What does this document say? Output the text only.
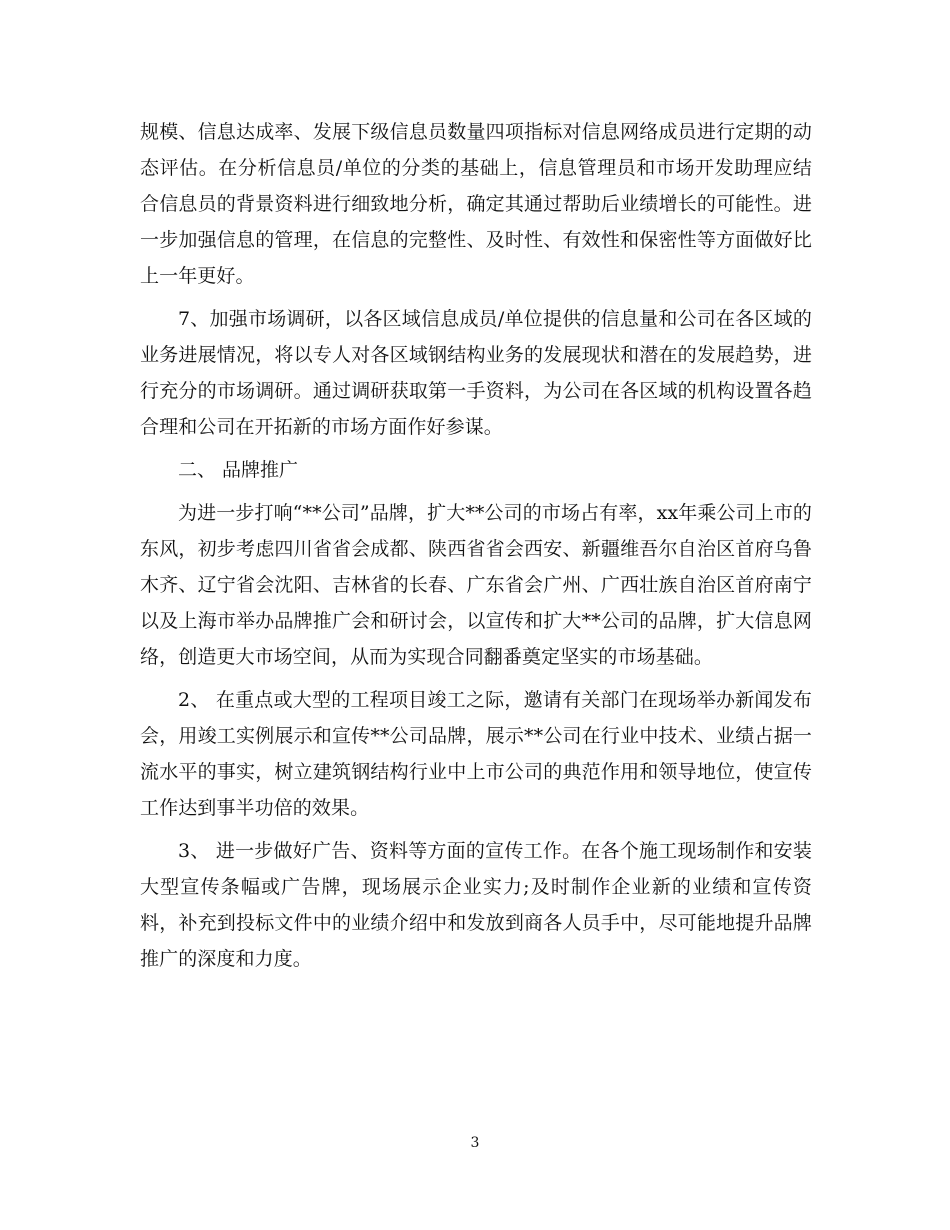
规模、信息达成率、发展下级信息员数量四项指标对信息网络成员进行定期的动态评估。在分析信息员/单位的分类的基础上，信息管理员和市场开发助理应结合信息员的背景资料进行细致地分析，确定其通过帮助后业绩增长的可能性。进一步加强信息的管理，在信息的完整性、及时性、有效性和保密性等方面做好比上一年更好。

7、加强市场调研，以各区域信息成员/单位提供的信息量和公司在各区域的业务进展情况，将以专人对各区域钢结构业务的发展现状和潜在的发展趋势，进行充分的市场调研。通过调研获取第一手资料，为公司在各区域的机构设置各趋合理和公司在开拓新的市场方面作好参谋。

二、 品牌推广

为进一步打响“**公司”品牌，扩大**公司的市场占有率，xx年乘公司上市的东风，初步考虑四川省省会成都、陕西省省会西安、新疆维吾尔自治区首府乌鲁木齐、辽宁省会沈阳、吉林省的长春、广东省会广州、广西壮族自治区首府南宁以及上海市举办品牌推广会和研讨会，以宣传和扩大**公司的品牌，扩大信息网络，创造更大市场空间，从而为实现合同翻番奠定坚实的市场基础。

2、 在重点或大型的工程项目竣工之际，邀请有关部门在现场举办新闻发布会，用竣工实例展示和宣传**公司品牌，展示**公司在行业中技术、业绩占据一流水平的事实，树立建筑钢结构行业中上市公司的典范作用和领导地位，使宣传工作达到事半功倍的效果。

3、 进一步做好广告、资料等方面的宣传工作。在各个施工现场制作和安装大型宣传条幅或广告牌，现场展示企业实力;及时制作企业新的业绩和宣传资料，补充到投标文件中的业绩介绍中和发放到商各人员手中，尽可能地提升品牌推广的深度和力度。

3
